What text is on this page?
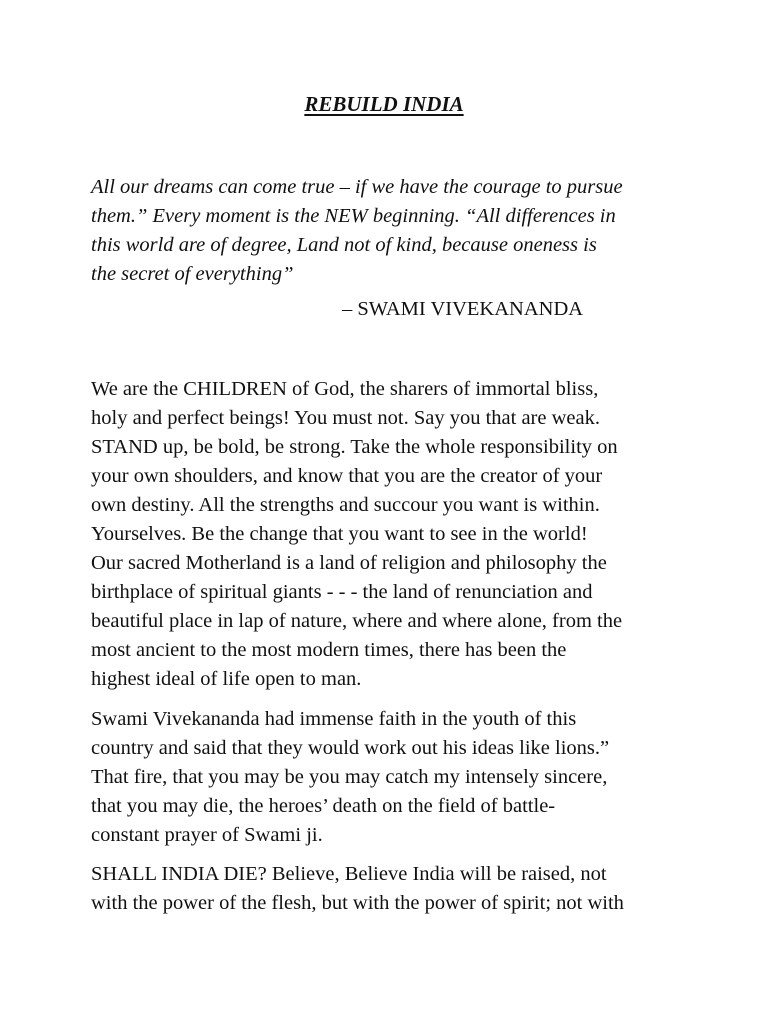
REBUILD INDIA

All our dreams can come true – if we have the courage to pursue
them.” Every moment is the NEW beginning. “All differences in
this world are of degree, Land not of kind, because oneness is
the secret of everything”

– SWAMI VIVEKANANDA

We are the CHILDREN of God, the sharers of immortal bliss,
holy and perfect beings! You must not. Say you that are weak.
STAND up, be bold, be strong. Take the whole responsibility on
your own shoulders, and know that you are the creator of your
own destiny. All the strengths and succour you want is within.
Yourselves. Be the change that you want to see in the world!
Our sacred Motherland is a land of religion and philosophy the
birthplace of spiritual giants - - - the land of renunciation and
beautiful place in lap of nature, where and where alone, from the
most ancient to the most modern times, there has been the
highest ideal of life open to man.

Swami Vivekananda had immense faith in the youth of this
country and said that they would work out his ideas like lions.”
That fire, that you may be you may catch my intensely sincere,
that you may die, the heroes’ death on the field of battle-
constant prayer of Swami ji.

SHALL INDIA DIE? Believe, Believe India will be raised, not
with the power of the flesh, but with the power of spirit; not with
